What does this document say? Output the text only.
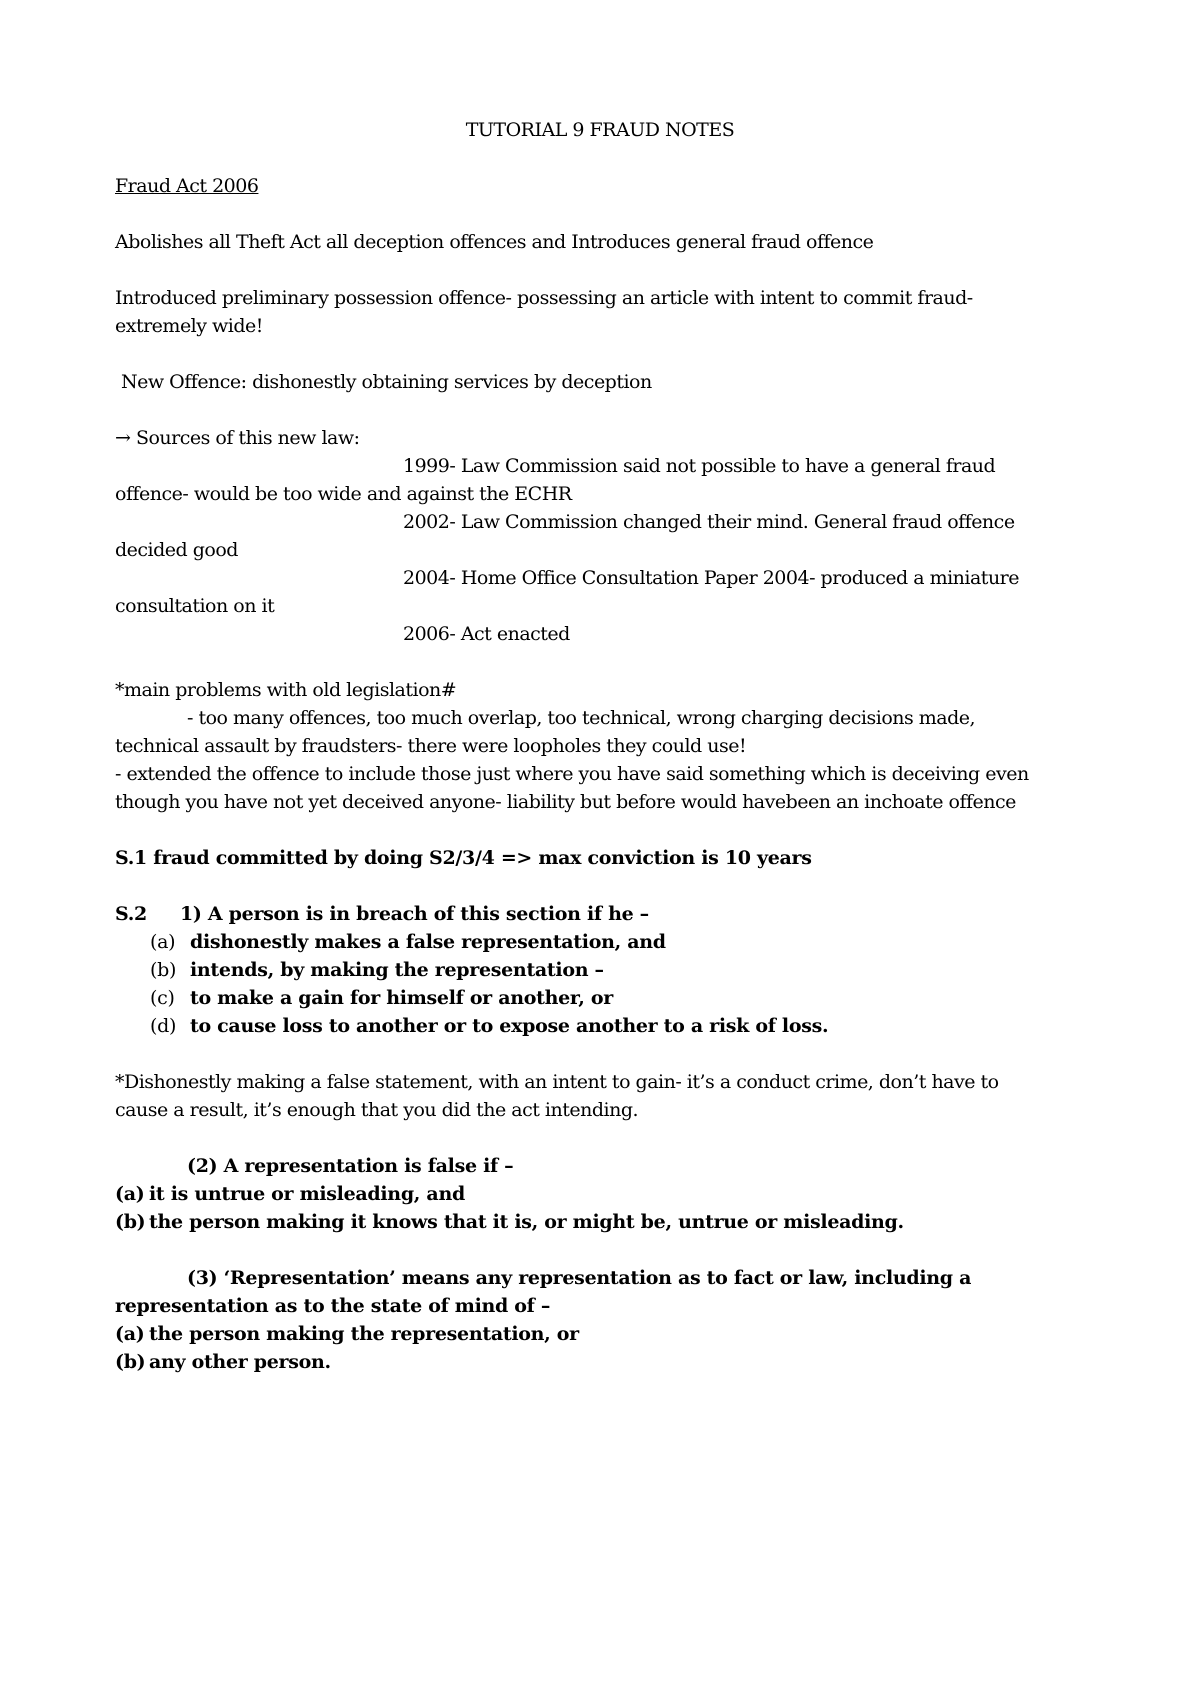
TUTORIAL 9 FRAUD NOTES
Fraud Act 2006
Abolishes all Theft Act all deception offences and Introduces general fraud offence
Introduced preliminary possession offence- possessing an article with intent to commit fraud-
extremely wide!
New Offence: dishonestly obtaining services by deception
→ Sources of this new law:
1999- Law Commission said not possible to have a general fraud
offence- would be too wide and against the ECHR
2002- Law Commission changed their mind. General fraud offence
decided good
2004- Home Office Consultation Paper 2004- produced a miniature
consultation on it
2006- Act enacted
*main problems with old legislation#
- too many offences, too much overlap, too technical, wrong charging decisions made,
technical assault by fraudsters- there were loopholes they could use!
- extended the offence to include those just where you have said something which is deceiving even
though you have not yet deceived anyone- liability but before would havebeen an inchoate offence
S.1 fraud committed by doing S2/3/4 => max conviction is 10 years
S.2 1) A person is in breach of this section if he –
(a) dishonestly makes a false representation, and
(b) intends, by making the representation –
(c) to make a gain for himself or another, or
(d) to cause loss to another or to expose another to a risk of loss.
*Dishonestly making a false statement, with an intent to gain- it’s a conduct crime, don’t have to
cause a result, it’s enough that you did the act intending.
(2) A representation is false if –
(a) it is untrue or misleading, and
(b) the person making it knows that it is, or might be, untrue or misleading.
(3) ‘Representation’ means any representation as to fact or law, including a
representation as to the state of mind of –
(a) the person making the representation, or
(b) any other person.
